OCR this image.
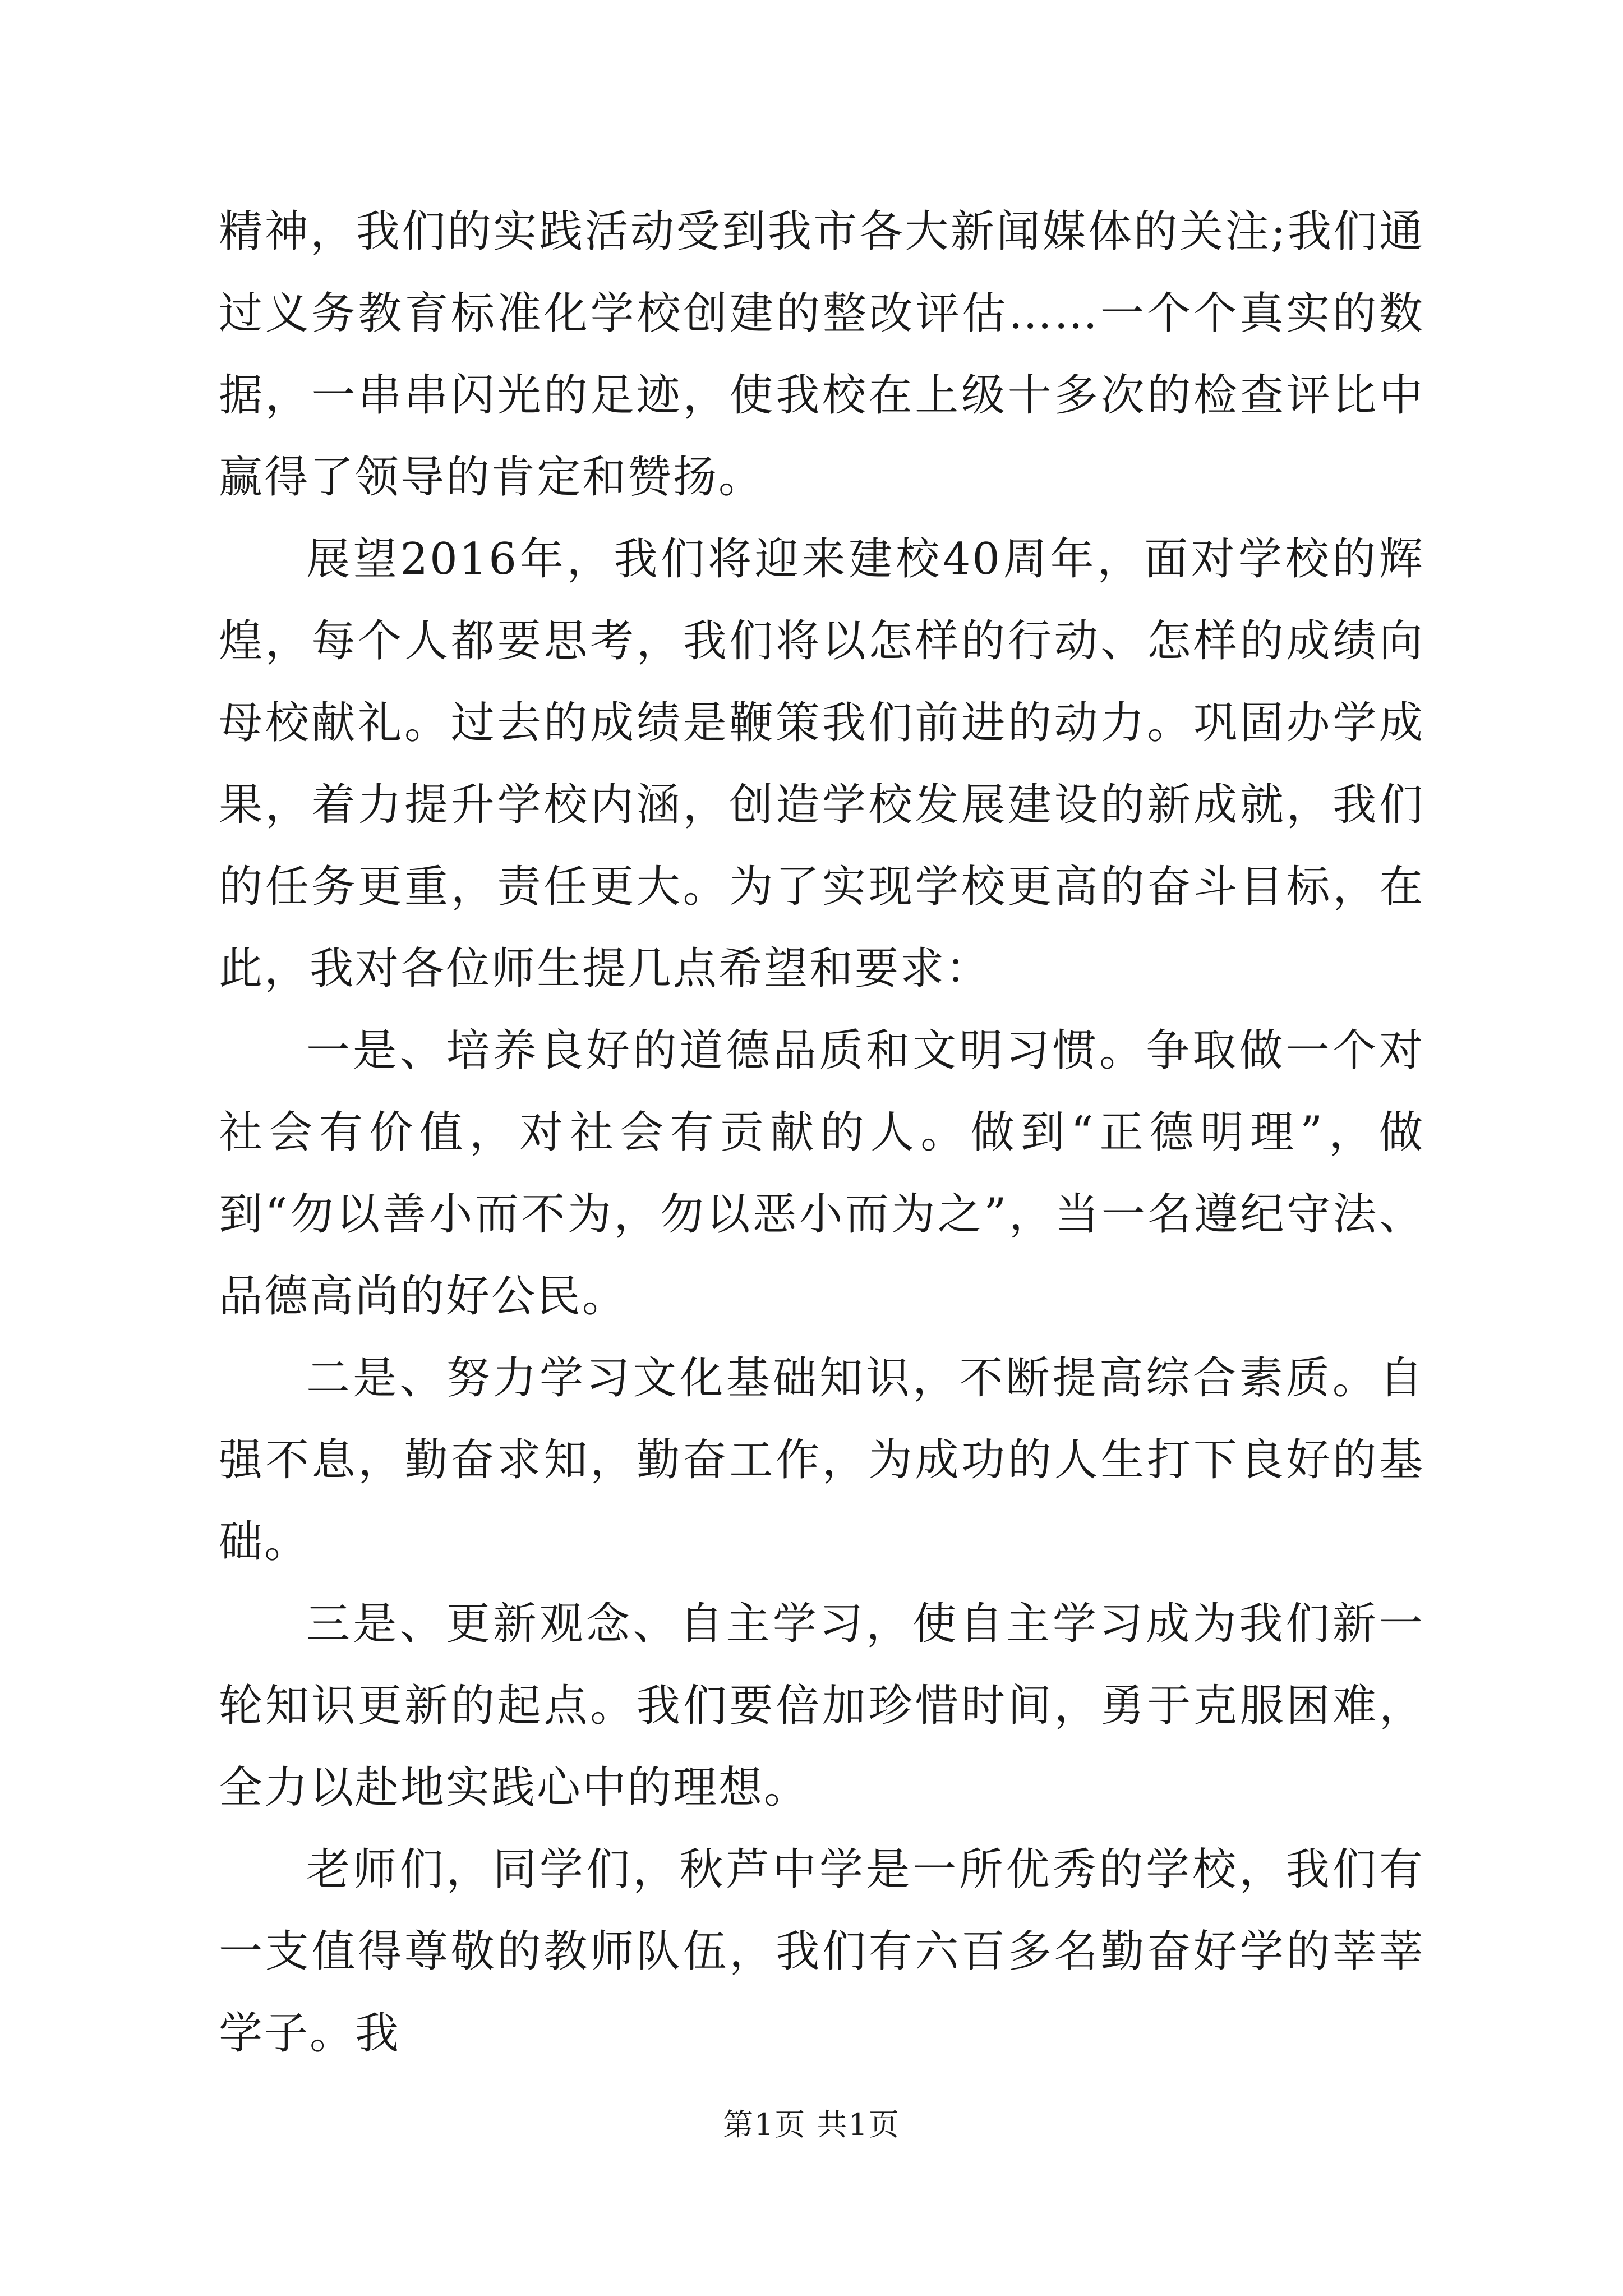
精神，我们的实践活动受到我市各大新闻媒体的关注;我们通过义务教育标准化学校创建的整改评估……一个个真实的数据，一串串闪光的足迹，使我校在上级十多次的检查评比中赢得了领导的肯定和赞扬。

展望2016年，我们将迎来建校40周年，面对学校的辉煌，每个人都要思考，我们将以怎样的行动、怎样的成绩向母校献礼。过去的成绩是鞭策我们前进的动力。巩固办学成果，着力提升学校内涵，创造学校发展建设的新成就，我们的任务更重，责任更大。为了实现学校更高的奋斗目标，在此，我对各位师生提几点希望和要求：

一是、培养良好的道德品质和文明习惯。争取做一个对社会有价值，对社会有贡献的人。做到“正德明理”，做到“勿以善小而不为，勿以恶小而为之”，当一名遵纪守法、品德高尚的好公民。

二是、努力学习文化基础知识，不断提高综合素质。自强不息，勤奋求知，勤奋工作，为成功的人生打下良好的基础。

三是、更新观念、自主学习，使自主学习成为我们新一轮知识更新的起点。我们要倍加珍惜时间，勇于克服困难，全力以赴地实践心中的理想。

老师们，同学们，秋芦中学是一所优秀的学校，我们有一支值得尊敬的教师队伍，我们有六百多名勤奋好学的莘莘学子。我

第1页 共1页
